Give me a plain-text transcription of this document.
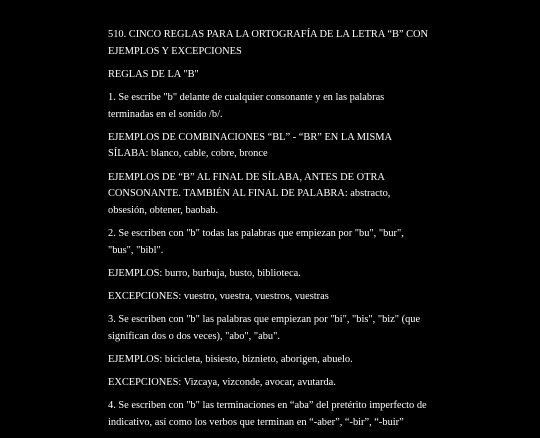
510. CINCO REGLAS PARA LA ORTOGRAFÍA DE LA LETRA “B” CON EJEMPLOS Y EXCEPCIONES

REGLAS DE LA "B"

1. Se escribe "b" delante de cualquier consonante y en las palabras terminadas en el sonido /b/.

EJEMPLOS DE COMBINACIONES “BL” - “BR” EN LA MISMA SÍLABA: blanco, cable, cobre, bronce

EJEMPLOS DE “B” AL FINAL DE SÍLABA, ANTES DE OTRA CONSONANTE. TAMBIÉN AL FINAL DE PALABRA: abstracto, obsesión, obtener, baobab.

2. Se escriben con "b" todas las palabras que empiezan por "bu", "bur", "bus", "bibl".

EJEMPLOS: burro, burbuja, busto, biblioteca.

EXCEPCIONES: vuestro, vuestra, vuestros, vuestras

3. Se escriben con "b" las palabras que empiezan por "bi", "bis", "biz" (que significan dos o dos veces), "abo", "abu".

EJEMPLOS: bicicleta, bisiesto, biznieto, aborigen, abuelo.

EXCEPCIONES: Vizcaya, vizconde, avocar, avutarda.

4. Se escriben con "b" las terminaciones en “aba” del pretérito imperfecto de indicativo, así como los verbos que terminan en “-aber”, “-bir”, “-buir”
